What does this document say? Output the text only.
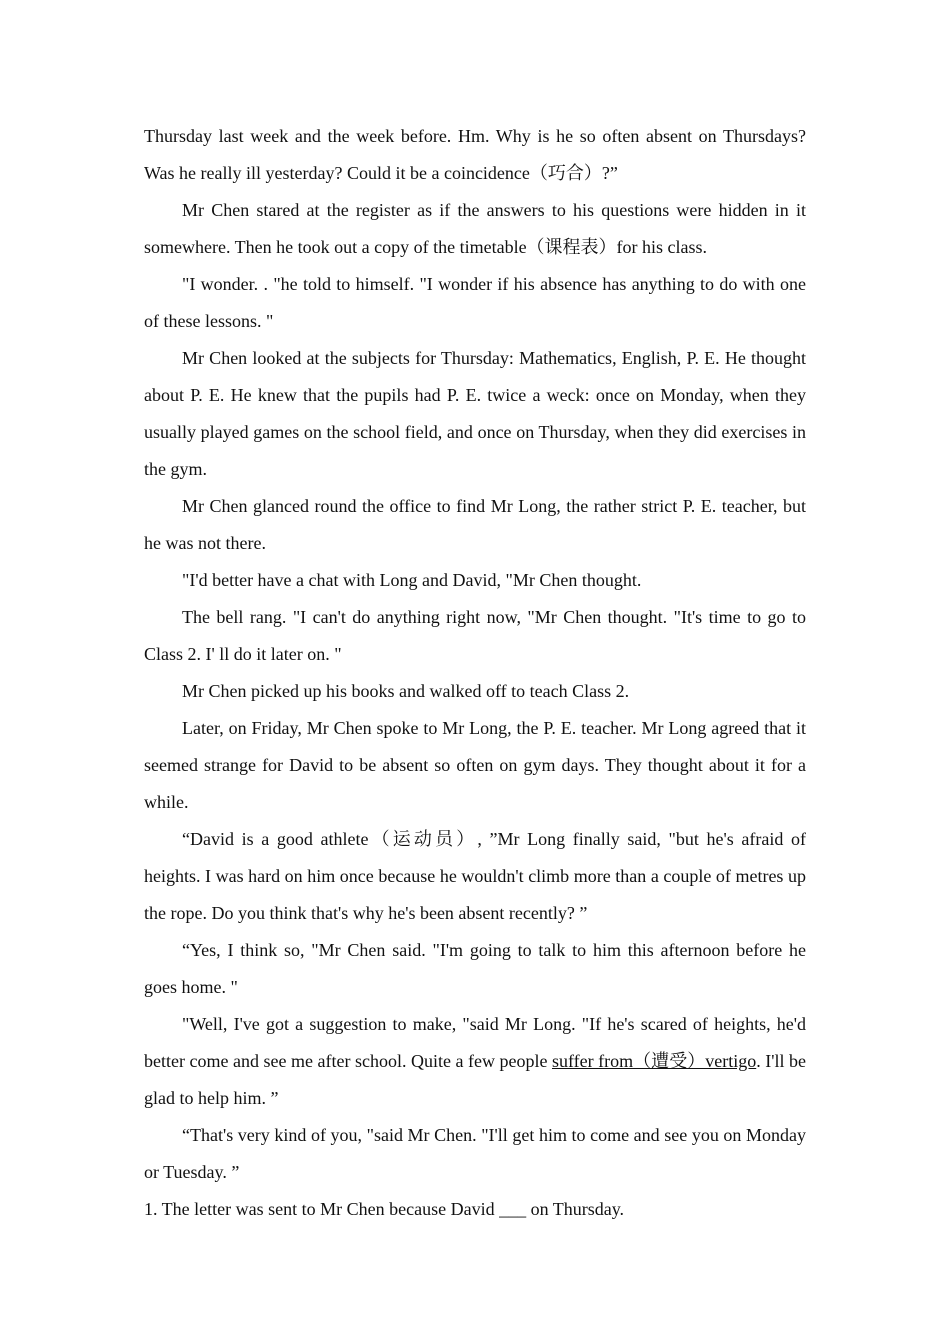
Thursday last week and the week before. Hm. Why is he so often absent on Thursdays? Was he really ill yesterday? Could it be a coincidence（巧合）?”

Mr Chen stared at the register as if the answers to his questions were hidden in it somewhere. Then he took out a copy of the timetable（课程表）for his class.

"I wonder. . "he told to himself. "I wonder if his absence has anything to do with one of these lessons. "

Mr Chen looked at the subjects for Thursday: Mathematics, English, P. E. He thought about P. E. He knew that the pupils had P. E. twice a weck: once on Monday, when they usually played games on the school field, and once on Thursday, when they did exercises in the gym.

Mr Chen glanced round the office to find Mr Long, the rather strict P. E. teacher, but he was not there.

"I'd better have a chat with Long and David, "Mr Chen thought.

The bell rang. "I can't do anything right now, "Mr Chen thought. "It's time to go to Class 2. I' ll do it later on. "

Mr Chen picked up his books and walked off to teach Class 2.

Later, on Friday, Mr Chen spoke to Mr Long, the P. E. teacher. Mr Long agreed that it seemed strange for David to be absent so often on gym days. They thought about it for a while.

“David is a good athlete（运动员）, ”Mr Long finally said, "but he's afraid of heights. I was hard on him once because he wouldn't climb more than a couple of metres up the rope. Do you think that's why he's been absent recently? ”

“Yes, I think so, "Mr Chen said. "I'm going to talk to him this afternoon before he goes home. "

"Well, I've got a suggestion to make, "said Mr Long. "If he's scared of heights, he'd better come and see me after school. Quite a few people suffer from（遭受）vertigo. I'll be glad to help him. ”

“That's very kind of you, "said Mr Chen. "I'll get him to come and see you on Monday or Tuesday. ”

1. The letter was sent to Mr Chen because David ___ on Thursday.
